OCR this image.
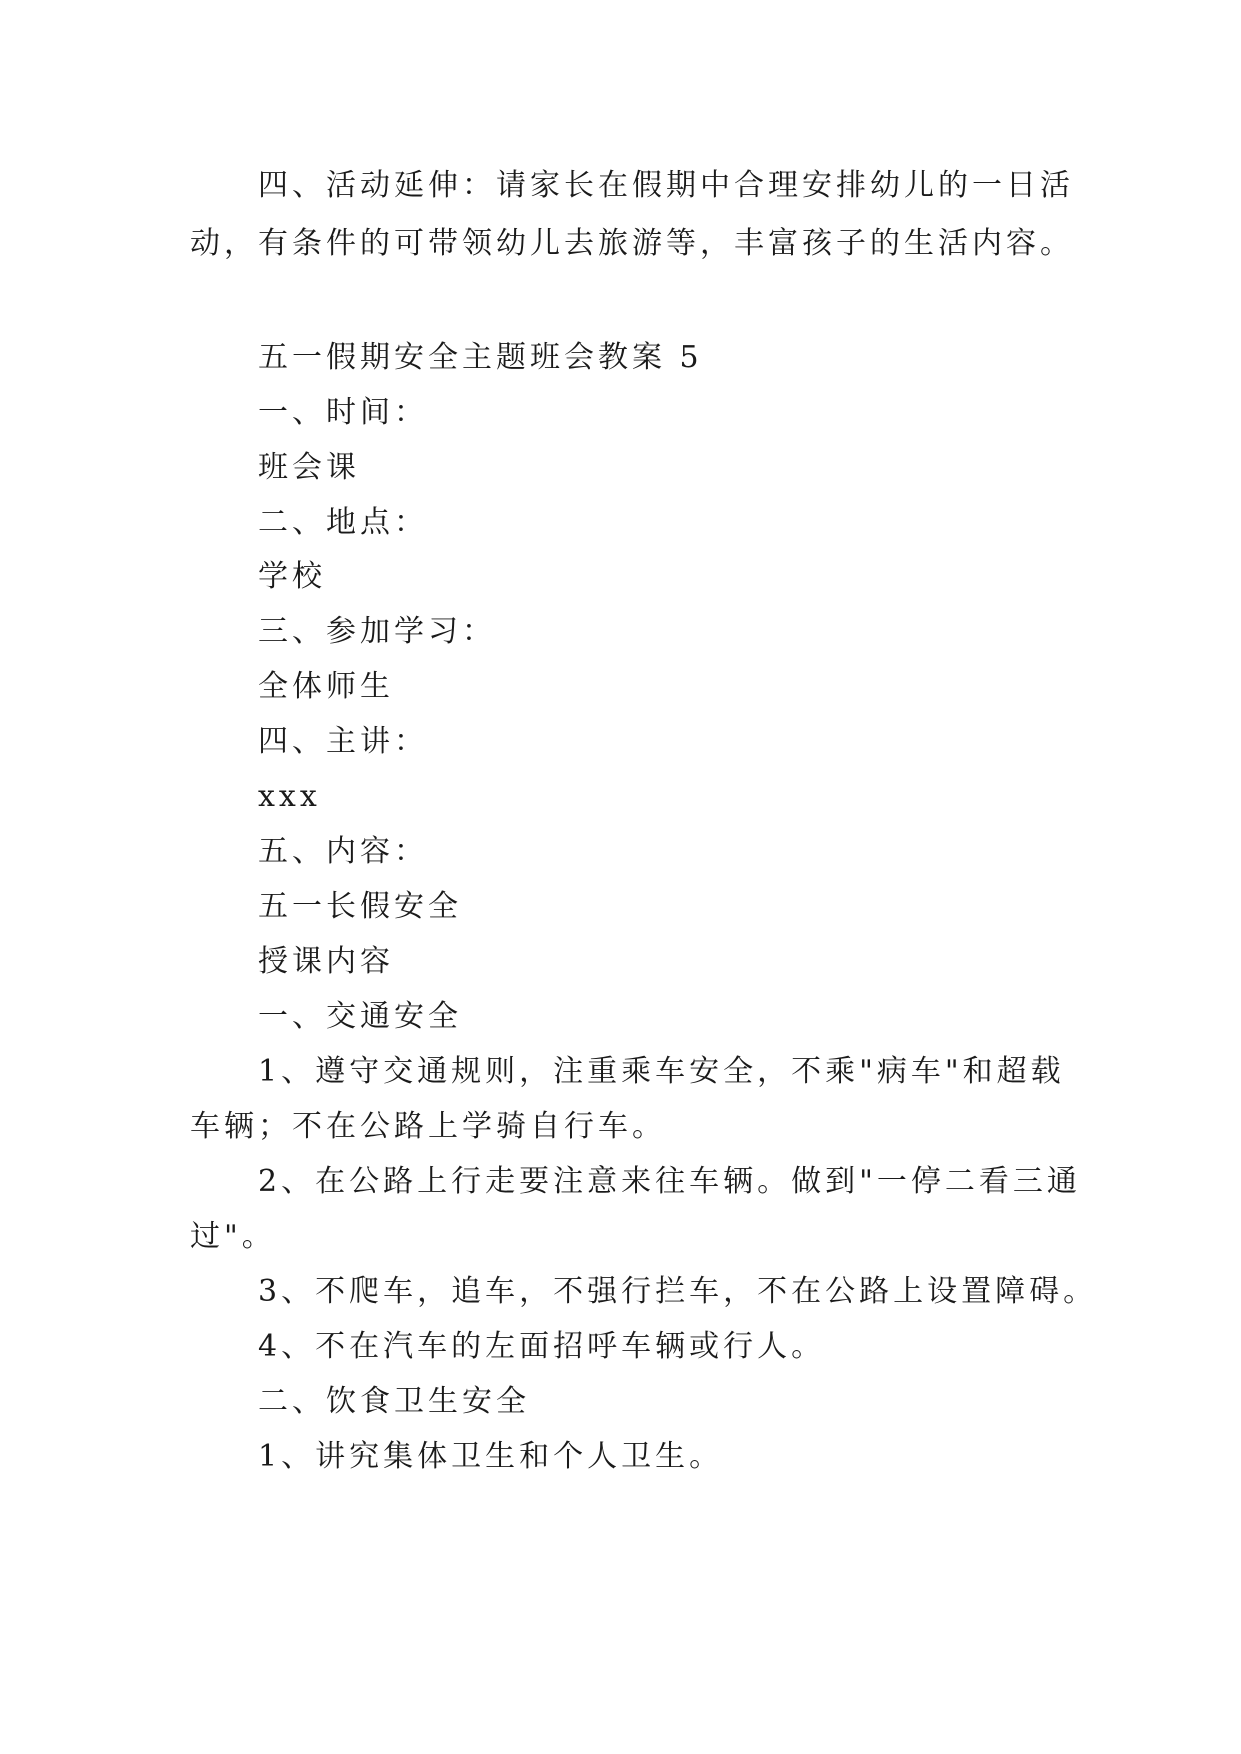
四、活动延伸：请家长在假期中合理安排幼儿的一日活
动，有条件的可带领幼儿去旅游等，丰富孩子的生活内容。
五一假期安全主题班会教案 5
一、时间：
班会课
二、地点：
学校
三、参加学习：
全体师生
四、主讲：
xxx
五、内容：
五一长假安全
授课内容
一、交通安全
1、遵守交通规则，注重乘车安全，不乘"病车"和超载
车辆；不在公路上学骑自行车。
2、在公路上行走要注意来往车辆。做到"一停二看三通
过"。
3、不爬车，追车，不强行拦车，不在公路上设置障碍。
4、不在汽车的左面招呼车辆或行人。
二、饮食卫生安全
1、讲究集体卫生和个人卫生。
